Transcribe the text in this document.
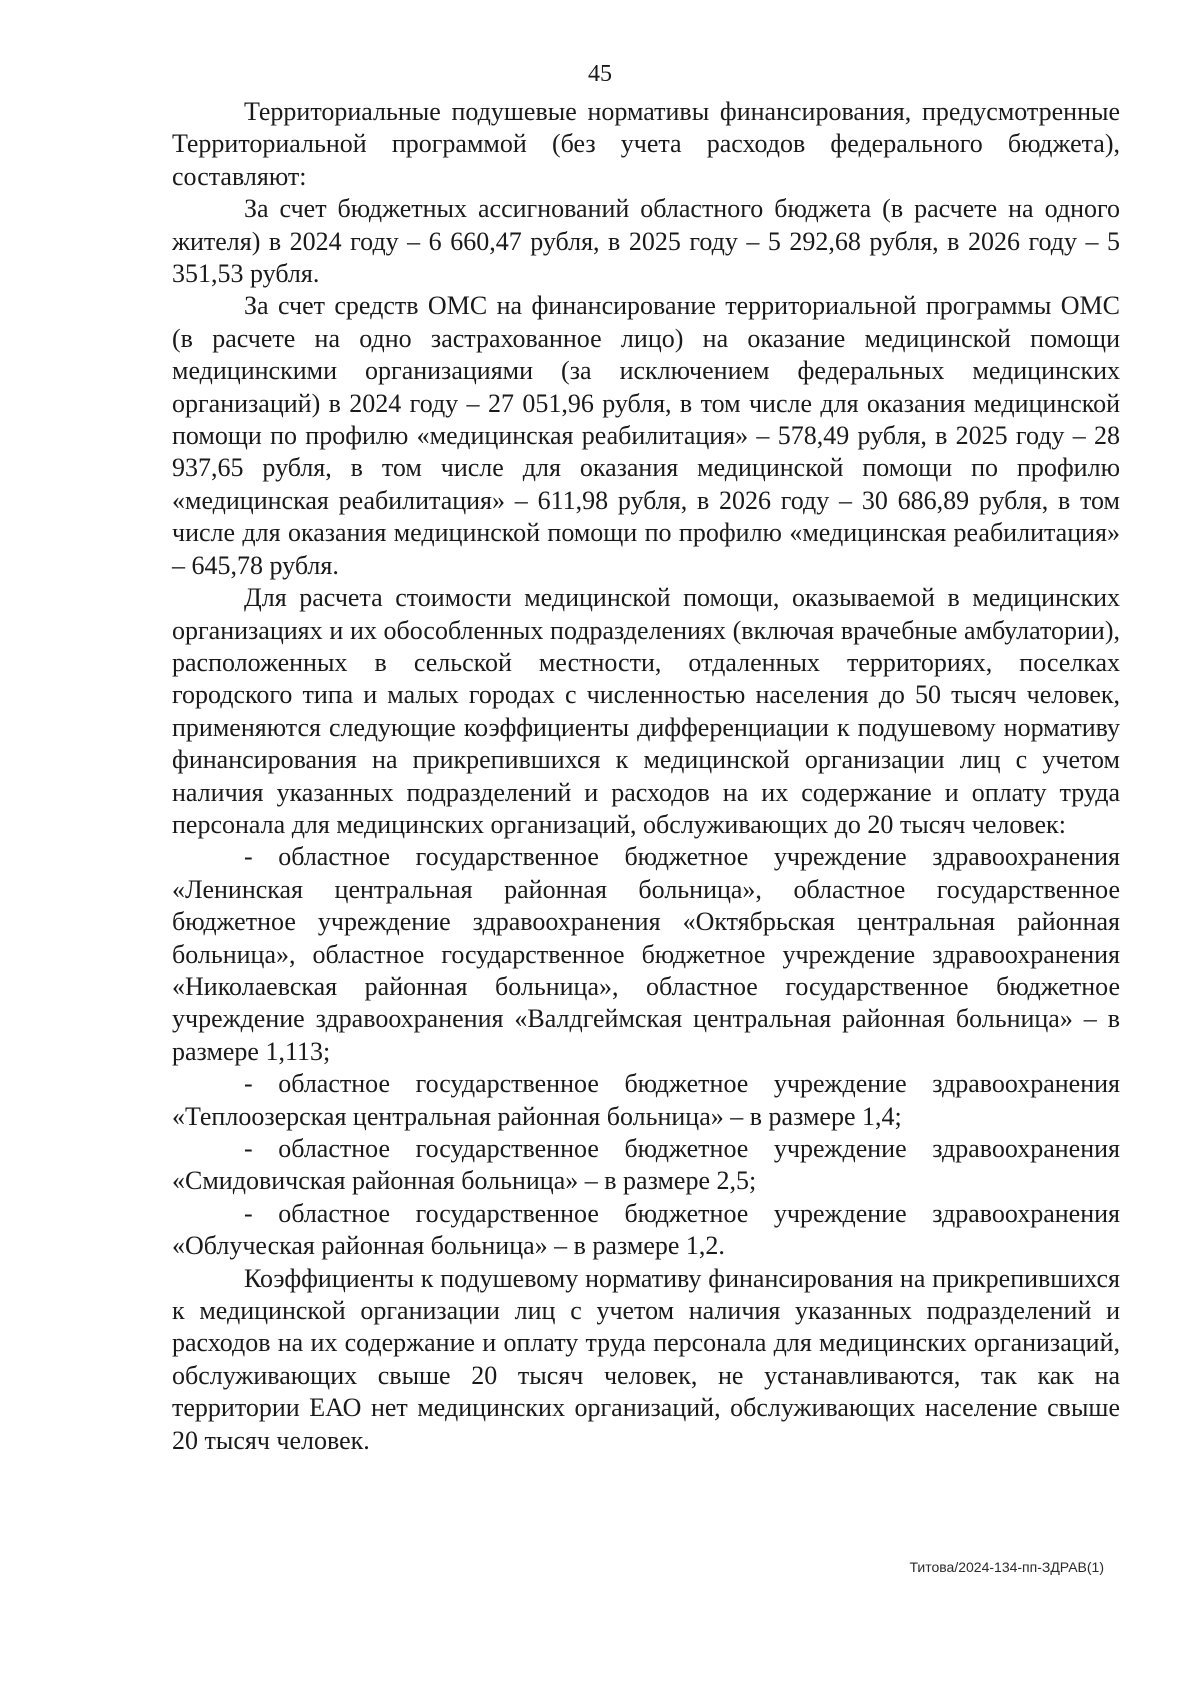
45

Территориальные подушевые нормативы финансирования, предусмотренные Территориальной программой (без учета расходов федерального бюджета), составляют:

За счет бюджетных ассигнований областного бюджета (в расчете на одного жителя) в 2024 году – 6 660,47 рубля, в 2025 году – 5 292,68 рубля, в 2026 году – 5 351,53 рубля.

За счет средств ОМС на финансирование территориальной программы ОМС (в расчете на одно застрахованное лицо) на оказание медицинской помощи медицинскими организациями (за исключением федеральных медицинских организаций) в 2024 году – 27 051,96 рубля, в том числе для оказания медицинской помощи по профилю «медицинская реабилитация» – 578,49 рубля, в 2025 году – 28 937,65 рубля, в том числе для оказания медицинской помощи по профилю «медицинская реабилитация» – 611,98 рубля, в 2026 году – 30 686,89 рубля, в том числе для оказания медицинской помощи по профилю «медицинская реабилитация» – 645,78 рубля.

Для расчета стоимости медицинской помощи, оказываемой в медицинских организациях и их обособленных подразделениях (включая врачебные амбулатории), расположенных в сельской местности, отдаленных территориях, поселках городского типа и малых городах с численностью населения до 50 тысяч человек, применяются следующие коэффициенты дифференциации к подушевому нормативу финансирования на прикрепившихся к медицинской организации лиц с учетом наличия указанных подразделений и расходов на их содержание и оплату труда персонала для медицинских организаций, обслуживающих до 20 тысяч человек:

- областное государственное бюджетное учреждение здравоохранения «Ленинская центральная районная больница», областное государственное бюджетное учреждение здравоохранения «Октябрьская центральная районная больница», областное государственное бюджетное учреждение здравоохранения «Николаевская районная больница», областное государственное бюджетное учреждение здравоохранения «Валдгеймская центральная районная больница» – в размере 1,113;

- областное государственное бюджетное учреждение здравоохранения «Теплоозерская центральная районная больница» – в размере 1,4;

- областное государственное бюджетное учреждение здравоохранения «Смидовичская районная больница» – в размере 2,5;

- областное государственное бюджетное учреждение здравоохранения «Облуческая районная больница» – в размере 1,2.

Коэффициенты к подушевому нормативу финансирования на прикрепившихся к медицинской организации лиц с учетом наличия указанных подразделений и расходов на их содержание и оплату труда персонала для медицинских организаций, обслуживающих свыше 20 тысяч человек, не устанавливаются, так как на территории ЕАО нет медицинских организаций, обслуживающих население свыше 20 тысяч человек.

Титова/2024-134-пп-ЗДРАВ(1)
